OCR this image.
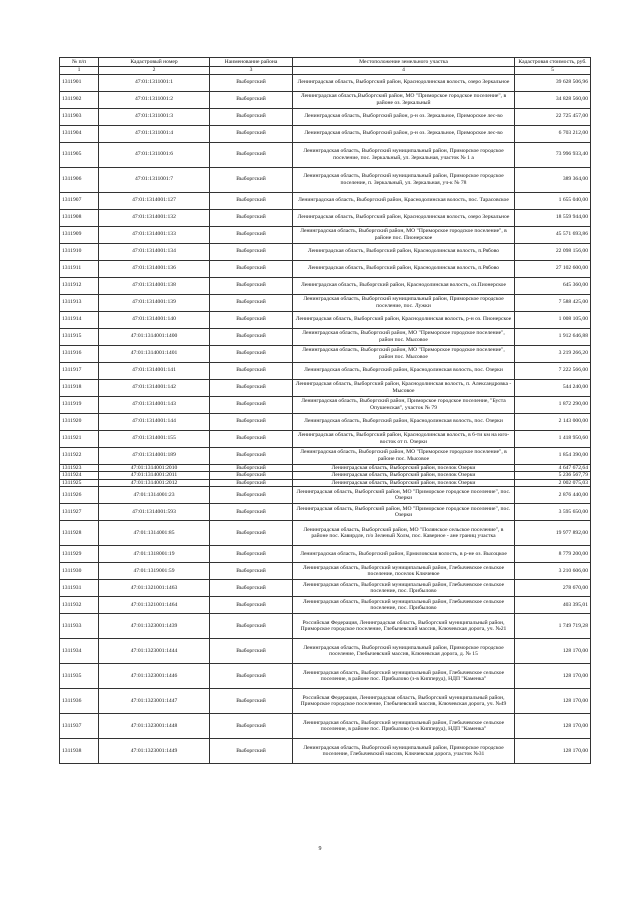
№ п/п	Кадастровый номер	Наименование района	Местоположение земельного участка	Кадастровая стоимость, руб.
1	2	3	4	5
1311901	47:01:1311001:1	Выборгский	Ленинградская область, Выборгский район, Краснодолинская волость, озеро Зеркальное	39 628 506,96
1311902	47:01:1311001:2	Выборгский	Ленинградская область,Выборгский район, МО "Приморское городское поселение", в районе оз. Зеркальный	34 828 560,00
1311903	47:01:1311001:3	Выборгский	Ленинградская область, Выборгский район, р-н оз. Зеркальное, Приморское лес-во	22 725 457,00
1311904	47:01:1311001:4	Выборгский	Ленинградская область, Выборгский район, р-н оз. Зеркальное, Приморское лес-во	6 703 212,00
1311905	47:01:1311001:6	Выборгский	Ленинградская область, Выборгский муниципальный район, Приморское городское поселение, пос. Зеркальный, ул. Зеркальная, участок № 1 а	73 996 933,40
1311906	47:01:1311001:7	Выборгский	Ленинградская область, Выборгский муниципальный район, Приморское городское поселение, п. Зеркальный, ул. Зеркальная, уч-к № 78	389 364,00
1311907	47:01:1314001:127	Выборгский	Ленинградская область, Выборгский район, Краснодолинская волость, пос. Тарасовское	1 655 040,00
1311908	47:01:1314001:132	Выборгский	Ленинградская область, Выборгский район, Краснодолинская волость, озеро Зеркальное	18 559 944,00
1311909	47:01:1314001:133	Выборгский	Ленинградская область, Выборгский район, МО "Приморское городское поселение", в районе пос. Пионерское	45 571 693,86
1311910	47:01:1314001:134	Выборгский	Ленинградская область, Выборгский район, Краснодолинская волость, п.Рябово	22 098 156,00
1311911	47:01:1314001:136	Выборгский	Ленинградская область, Выборгский район, Краснодолинская волость, п.Рябово	27 102 600,00
1311912	47:01:1314001:138	Выборгский	Ленинградская область, Выборгский район, Краснодолинская волость, оз.Пионерское	645 360,00
1311913	47:01:1314001:139	Выборгский	Ленинградская область, Выборгский муниципальный район, Приморское городское поселение, пос. Лужки	7 588 425,00
1311914	47:01:1314001:140	Выборгский	Ленинградская область, Выборгский район, Краснодолинская волость, р-н оз. Пионерское	1 008 105,00
1311915	47:01:1314001:1400	Выборгский	Ленинградская область, Выборгский район, МО "Приморское городское поселение", район пос. Мысовое	1 912 646,88
1311916	47:01:1314001:1401	Выборгский	Ленинградская область, Выборгский район, МО "Приморское городское поселение", район пос. Мысовое	3 219 266,20
1311917	47:01:1314001:141	Выборгский	Ленинградская область, Выборгский район, Краснодолинская волость, пос. Озерки	7 222 566,00
1311918	47:01:1314001:142	Выборгский	Ленинградская область, Выборгский район, Краснодолинская волость, п. Александровка - Мысовое	544 240,00
1311919	47:01:1314001:143	Выборгский	Ленинградская область, Выборгский район, Приморское городское поселение, "Буста Опушенская", участок № 79	1 872 290,00
1311920	47:01:1314001:144	Выборгский	Ленинградская область, Выборгский район, Краснодолинская волость, пос. Озерки	2 143 000,00
1311921	47:01:1314001:155	Выборгский	Ленинградская область, Выборгский район, Краснодолинская волость, в 6-ти км на юго-восток от п. Озерки	1 418 950,60
1311922	47:01:1314001:189	Выборгский	Ленинградская область, Выборгский район, МО "Приморское городское поселение", в районе пос. Мысовое	1 854 390,00
1311923	47:01:1314001:2010	Выборгский	Ленинградская область, Выборгский район, поселок Озерки	4 647 672,64
1311924	47:01:1314001:2011	Выборгский	Ленинградская область, Выборгский район, поселок Озерки	5 236 567,79
1311925	47:01:1314001:2012	Выборгский	Ленинградская область, Выборгский район, поселок Озерки	2 002 075,03
1311926	47:01:1314001:23	Выборгский	Ленинградская область, Выборгский район, МО "Приморское городское поселение", пос. Озерки	2 876 440,00
1311927	47:01:1314001:593	Выборгский	Ленинградская область, Выборгский район, МО "Приморское городское поселение", пос. Озерки	3 595 650,00
1311928	47:01:1314001:85	Выборгский	Ленинградская область, Выборгский район, МО "Полянское сельское поселение", в районе пос. Кавирдле, п/о Зеленый Холм, пос. Каверное - ане границ участка	19 977 892,00
1311929	47:01:1318001:19	Выборгский	Ленинградская область, Выборгский район, Ермиловская волость, в р-не оз. Высоцкое	8 779 200,00
1311930	47:01:1319001:59	Выборгский	Ленинградская область, Выборгский муниципальный район, Глебычевское сельское поселение, поселок Ключевое	3 210 606,00
1311931	47:01:1321001:1463	Выборгский	Ленинградская область, Выборгский муниципальный район, Глебычевское сельское поселение, пос. Прибылово	278 670,00
1311932	47:01:1321001:1464	Выборгский	Ленинградская область, Выборгский муниципальный район, Глебычевское сельское поселение, пос. Прибылово	403 395,01
1311933	47:01:1323001:1439	Выборгский	Российская Федерация, Ленинградская область, Выборгский муниципальный район, Приморское городское поселение, Глебычевский массив, Ключевская дорога, уч. №21	1 749 719,28
1311934	47:01:1323001:1444	Выборгский	Ленинградская область, Выборгский муниципальный район, Приморское городское поселение, Глебычевский массив, Ключевская дорога, д. № 15	128 170,00
1311935	47:01:1323001:1446	Выборгский	Ленинградская область, Выборгский муниципальный район, Глебычевское сельское поселение, в районе пос. Прибылово (з-в Кипперуд), НДП "Каменка"	128 170,00
1311936	47:01:1323001:1447	Выборгский	Российская Федерация, Ленинградская область, Выборгский муниципальный район, Приморское городское поселение, Глебычевский массив, Ключевская дорога, уч. №49	128 170,00
1311937	47:01:1323001:1448	Выборгский	Ленинградская область, Выборгский муниципальный район, Глебычевское сельское поселение, в районе пос. Прибылово (з-в Кипперуд), НДП "Каменка"	128 170,00
1311938	47:01:1323001:1449	Выборгский	Ленинградская область, Выборгский муниципальный район, Приморское городское поселение, Глебычевский массив, Ключевская дорога, участок №31	128 170,00
9
